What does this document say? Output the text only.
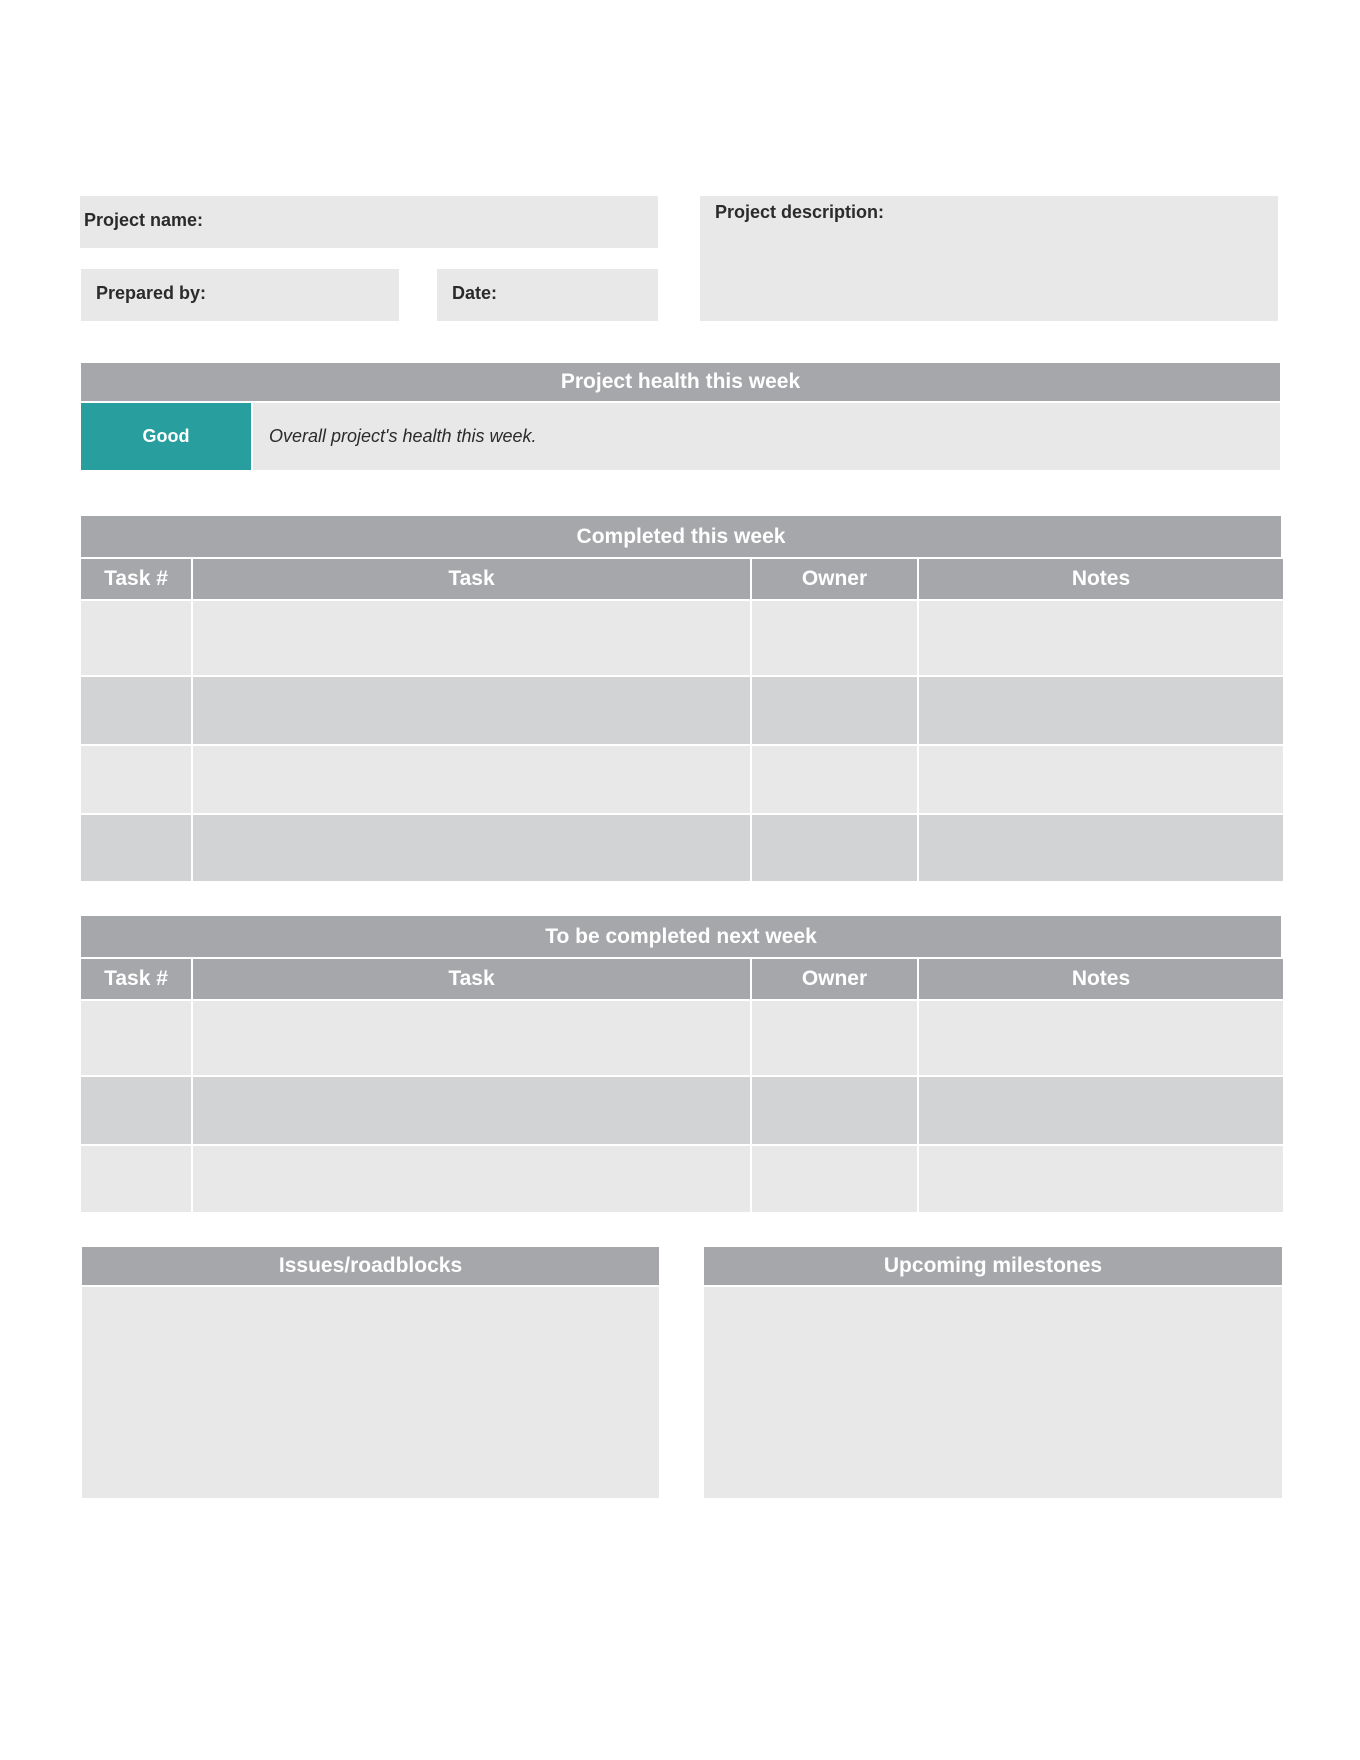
Project name:	Project description:
Prepared by:	Date:
Project health this week
Good	Overall project's health this week.
Completed this week
Task #	Task	Owner	Notes

To be completed next week
Task #	Task	Owner	Notes

Issues/roadblocks	Upcoming milestones
